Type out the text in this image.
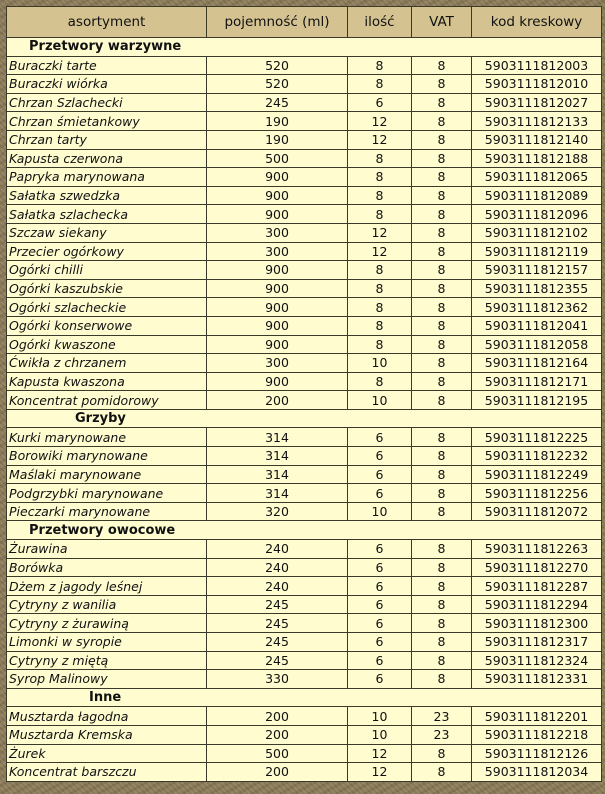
asortyment	pojemność (ml)	ilość	VAT	kod kreskowy
Przetwory warzywne				
Buraczki tarte	520	8	8	5903111812003
Buraczki wiórka	520	8	8	5903111812010
Chrzan Szlachecki	245	6	8	5903111812027
Chrzan śmietankowy	190	12	8	5903111812133
Chrzan tarty	190	12	8	5903111812140
Kapusta czerwona	500	8	8	5903111812188
Papryka marynowana	900	8	8	5903111812065
Sałatka szwedzka	900	8	8	5903111812089
Sałatka szlachecka	900	8	8	5903111812096
Szczaw siekany	300	12	8	5903111812102
Przecier ogórkowy	300	12	8	5903111812119
Ogórki chilli	900	8	8	5903111812157
Ogórki kaszubskie	900	8	8	5903111812355
Ogórki szlacheckie	900	8	8	5903111812362
Ogórki konserwowe	900	8	8	5903111812041
Ogórki kwaszone	900	8	8	5903111812058
Ćwikła z chrzanem	300	10	8	5903111812164
Kapusta kwaszona	900	8	8	5903111812171
Koncentrat pomidorowy	200	10	8	5903111812195
Grzyby				
Kurki marynowane	314	6	8	5903111812225
Borowiki marynowane	314	6	8	5903111812232
Maślaki marynowane	314	6	8	5903111812249
Podgrzybki marynowane	314	6	8	5903111812256
Pieczarki marynowane	320	10	8	5903111812072
Przetwory owocowe				
Żurawina	240	6	8	5903111812263
Borówka	240	6	8	5903111812270
Dżem z jagody leśnej	240	6	8	5903111812287
Cytryny z wanilia	245	6	8	5903111812294
Cytryny z żurawiną	245	6	8	5903111812300
Limonki w syropie	245	6	8	5903111812317
Cytryny z miętą	245	6	8	5903111812324
Syrop Malinowy	330	6	8	5903111812331
Inne				
Musztarda łagodna	200	10	23	5903111812201
Musztarda Kremska	200	10	23	5903111812218
Żurek	500	12	8	5903111812126
Koncentrat barszczu	200	12	8	5903111812034
